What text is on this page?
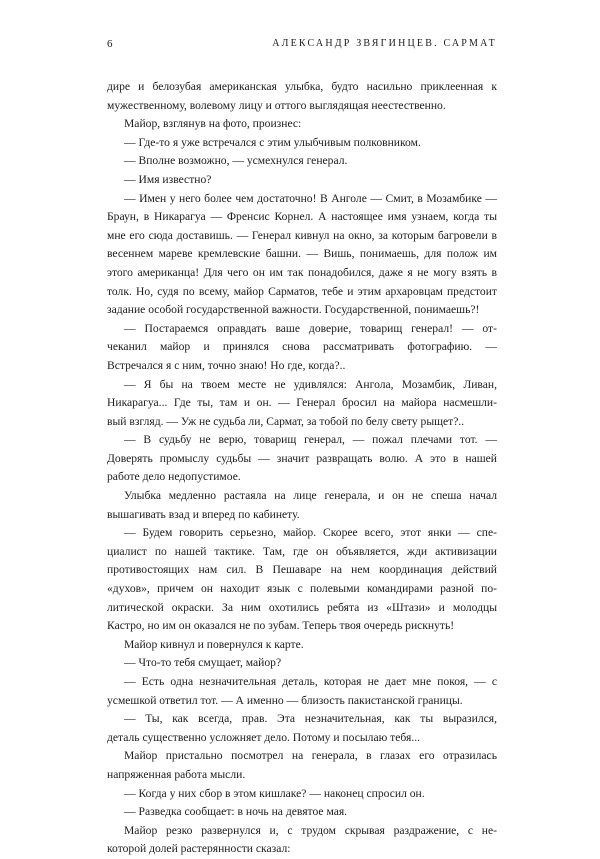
6	АЛЕКСАНДР ЗВЯГИНЦЕВ. САРМАТ
дире и белозубая американская улыбка, будто насильно приклеенная к
мужественному, волевому лицу и оттого выглядящая неестественно.
Майор, взглянув на фото, произнес:
— Где-то я уже встречался с этим улыбчивым полковником.
— Вполне возможно, — усмехнулся генерал.
— Имя известно?
— Имен у него более чем достаточно! В Анголе — Смит, в Мозамбике —
Браун, в Никарагуа — Френсис Корнел. А настоящее имя узнаем, когда ты
мне его сюда доставишь. — Генерал кивнул на окно, за которым багровели в
весеннем мареве кремлевские башни. — Вишь, понимаешь, для полож им
этого американца! Для чего он им так понадобился, даже я не могу взять в
толк. Но, судя по всему, майор Сарматов, тебе и этим архаровцам предстоит
задание особой государственной важности. Государственной, понимаешь?!
— Постараемся оправдать ваше доверие, товарищ генерал! — от-
чеканил майор и принялся снова рассматривать фотографию. —
Встречался я с ним, точно знаю! Но где, когда?..
— Я бы на твоем месте не удивлялся: Ангола, Мозамбик, Ливан,
Никарагуа... Где ты, там и он. — Генерал бросил на майора насмешли-
вый взгляд. — Уж не судьба ли, Сармат, за тобой по белу свету рыщет?..
— В судьбу не верю, товарищ генерал, — пожал плечами тот. —
Доверять промыслу судьбы — значит развращать волю. А это в нашей
работе дело недопустимое.
Улыбка медленно растаяла на лице генерала, и он не спеша начал
вышагивать взад и вперед по кабинету.
— Будем говорить серьезно, майор. Скорее всего, этот янки — спе-
циалист по нашей тактике. Там, где он объявляется, жди активизации
противостоящих нам сил. В Пешаваре на нем координация действий
«духов», причем он находит язык с полевыми командирами разной по-
литической окраски. За ним охотились ребята из «Штази» и молодцы
Кастро, но им он оказался не по зубам. Теперь твоя очередь рискнуть!
Майор кивнул и повернулся к карте.
— Что-то тебя смущает, майор?
— Есть одна незначительная деталь, которая не дает мне покоя, — с
усмешкой ответил тот. — А именно — близость пакистанской границы.
— Ты, как всегда, прав. Эта незначительная, как ты выразился,
деталь существенно усложняет дело. Потому и посылаю тебя...
Майор пристально посмотрел на генерала, в глазах его отразилась
напряженная работа мысли.
— Когда у них сбор в этом кишлаке? — наконец спросил он.
— Разведка сообщает: в ночь на девятое мая.
Майор резко развернулся и, с трудом скрывая раздражение, с не-
которой долей растерянности сказал:
